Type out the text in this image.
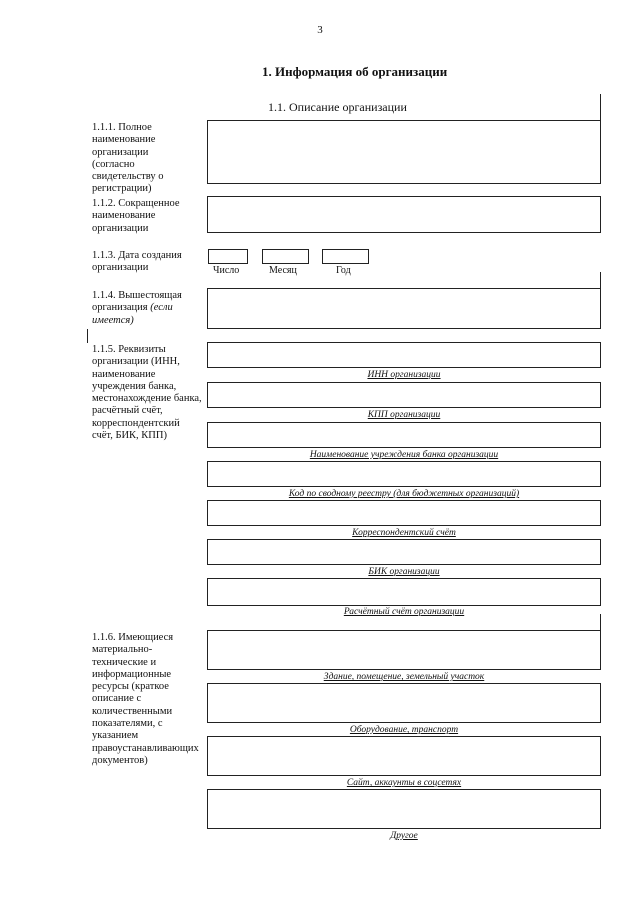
3
1. Информация об организации
1.1. Описание организации
1.1.1. Полное наименование организации (согласно свидетельству о регистрации)
1.1.2. Сокращенное наименование организации
1.1.3. Дата создания организации	Число	Месяц	Год
1.1.4. Вышестоящая организация (если имеется)
1.1.5. Реквизиты организации (ИНН, наименование учреждения банка, местонахождение банка, расчётный счёт, корреспондентский счёт, БИК, КПП)
ИНН организации
КПП организации
Наименование учреждения банка организации
Код по сводному реестру (для бюджетных организаций)
Корреспондентский счёт
БИК организации
Расчётный счёт организации
1.1.6. Имеющиеся материально-технические и информационные ресурсы (краткое описание с количественными показателями, с указанием правоустанавливающих документов)
Здание, помещение, земельный участок
Оборудование, транспорт
Сайт, аккаунты в соцсетях
Другое
